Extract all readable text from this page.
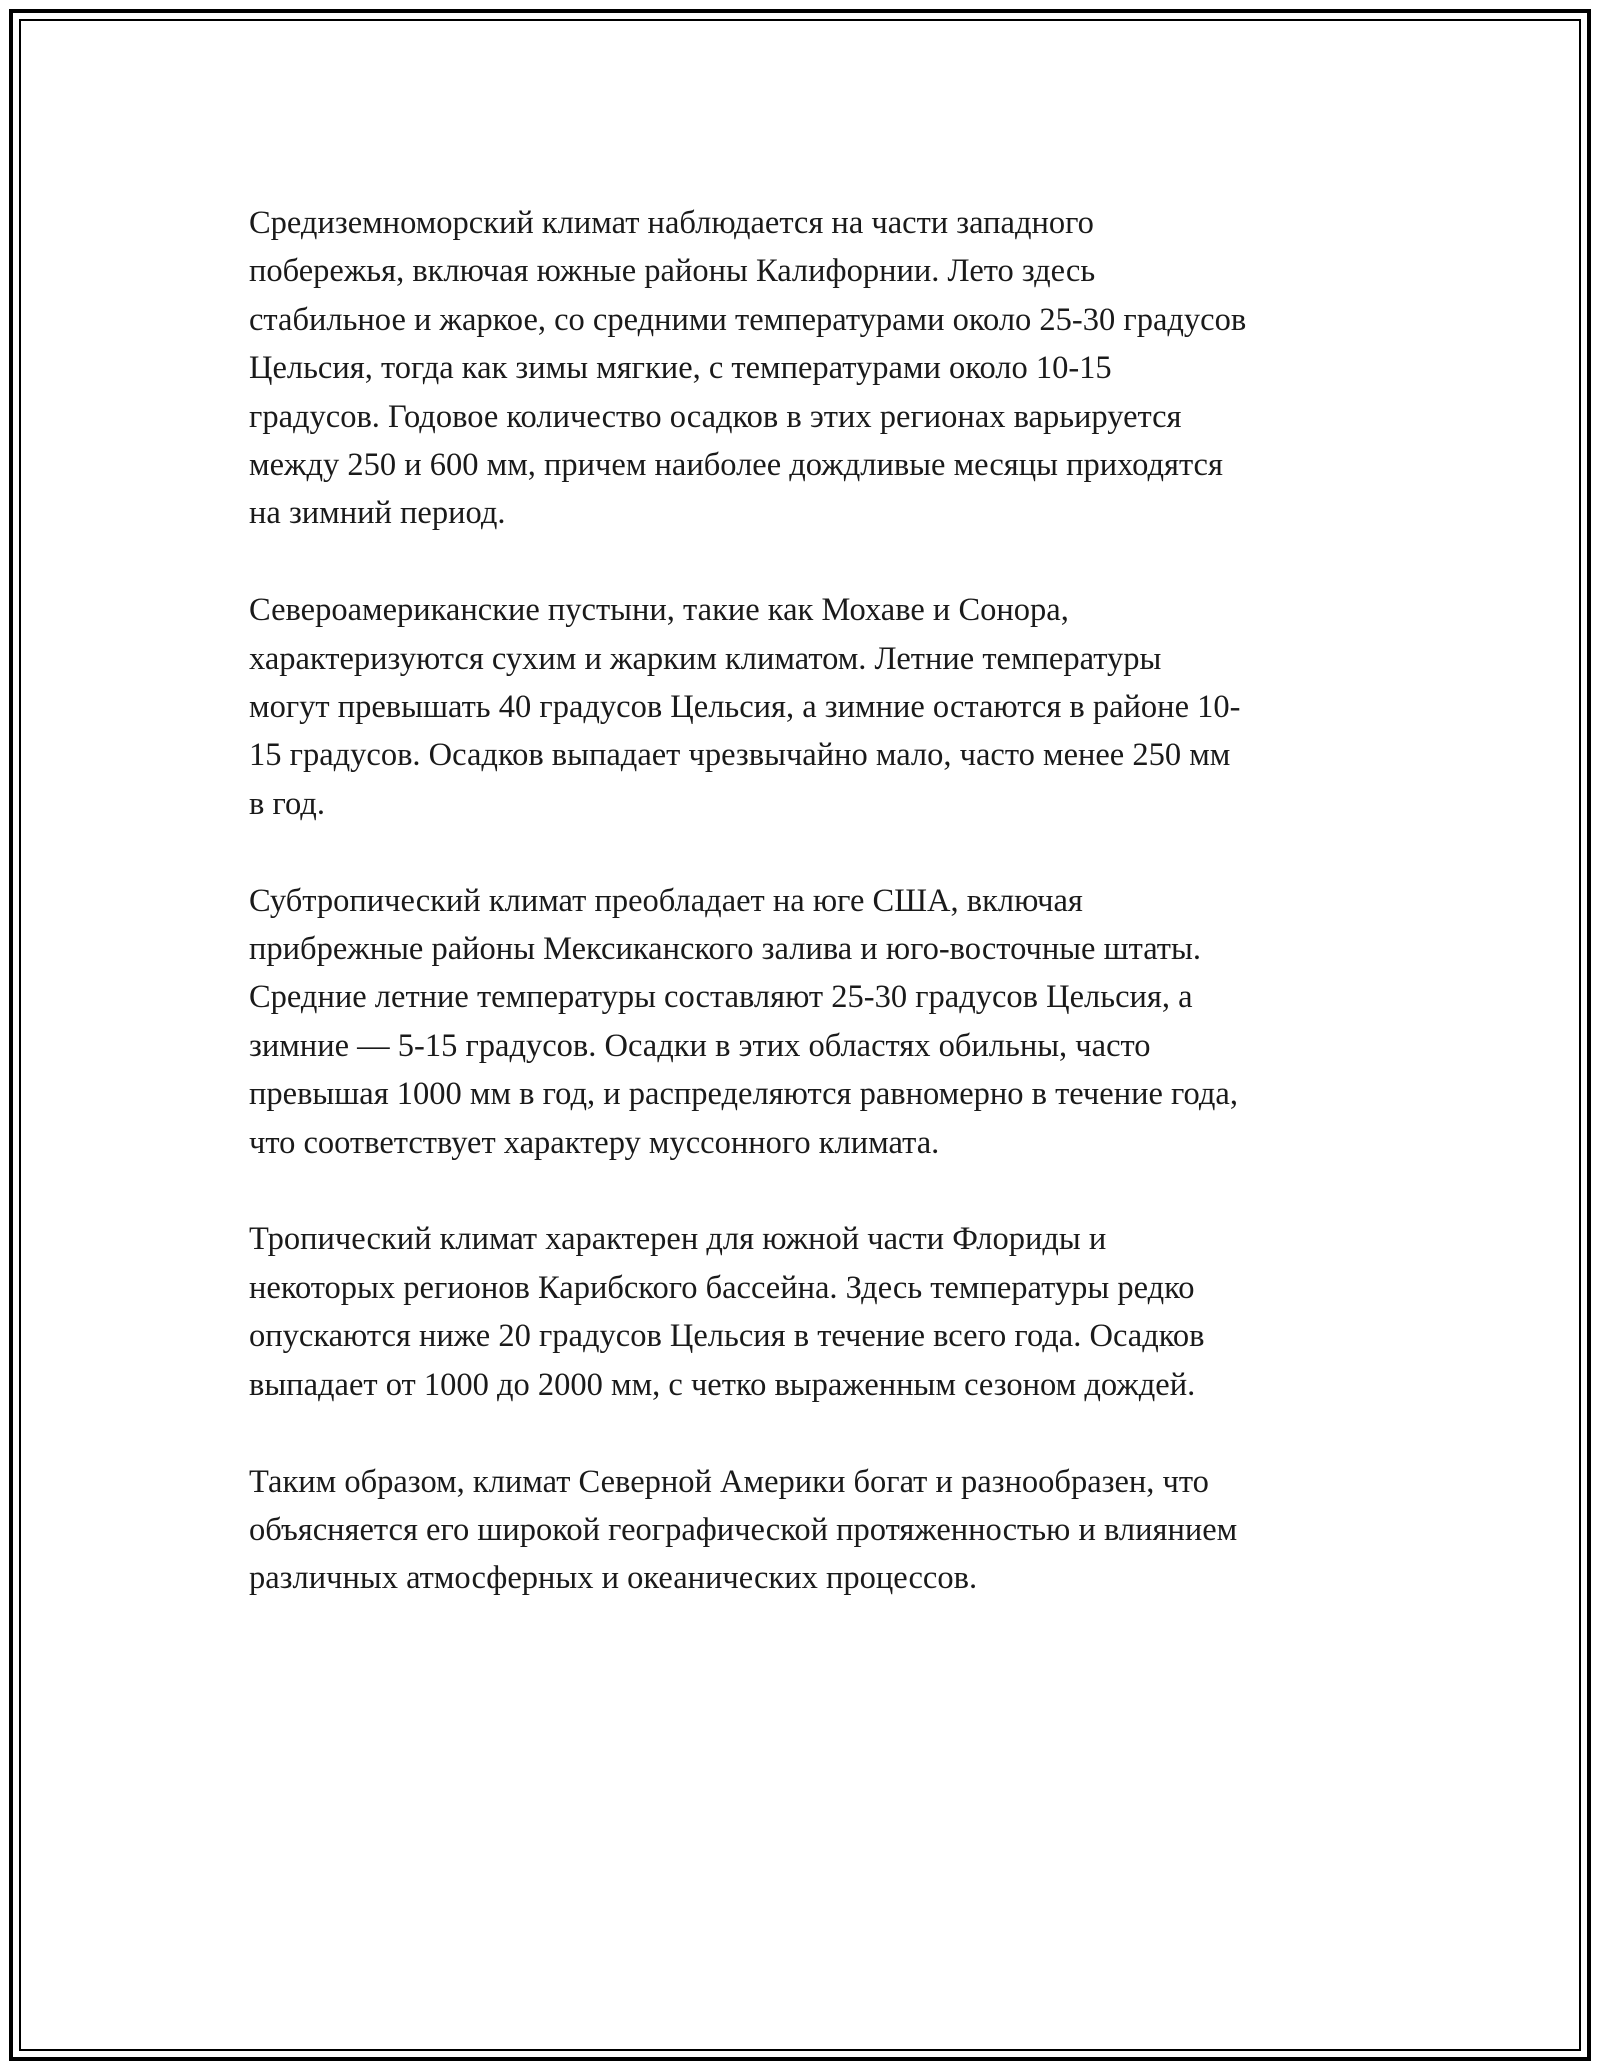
Средиземноморский климат наблюдается на части западного
побережья, включая южные районы Калифорнии. Лето здесь
стабильное и жаркое, со средними температурами около 25-30 градусов
Цельсия, тогда как зимы мягкие, с температурами около 10-15
градусов. Годовое количество осадков в этих регионах варьируется
между 250 и 600 мм, причем наиболее дождливые месяцы приходятся
на зимний период.

Североамериканские пустыни, такие как Мохаве и Сонора,
характеризуются сухим и жарким климатом. Летние температуры
могут превышать 40 градусов Цельсия, а зимние остаются в районе 10-
15 градусов. Осадков выпадает чрезвычайно мало, часто менее 250 мм
в год.

Субтропический климат преобладает на юге США, включая
прибрежные районы Мексиканского залива и юго-восточные штаты.
Средние летние температуры составляют 25-30 градусов Цельсия, а
зимние — 5-15 градусов. Осадки в этих областях обильны, часто
превышая 1000 мм в год, и распределяются равномерно в течение года,
что соответствует характеру муссонного климата.

Тропический климат характерен для южной части Флориды и
некоторых регионов Карибского бассейна. Здесь температуры редко
опускаются ниже 20 градусов Цельсия в течение всего года. Осадков
выпадает от 1000 до 2000 мм, с четко выраженным сезоном дождей.

Таким образом, климат Северной Америки богат и разнообразен, что
объясняется его широкой географической протяженностью и влиянием
различных атмосферных и океанических процессов.
